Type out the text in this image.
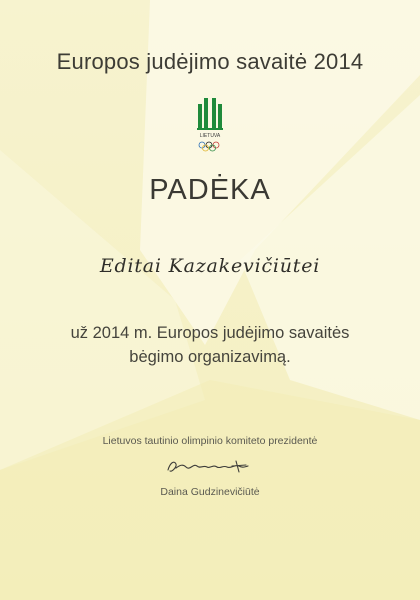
Europos judėjimo savaitė 2014
LIETUVA
PADĖKA
Editai Kazakevičiūtei
už 2014 m. Europos judėjimo savaitės
bėgimo organizavimą.
Lietuvos tautinio olimpinio komiteto prezidentė
Daina Gudzinevičiūtė
